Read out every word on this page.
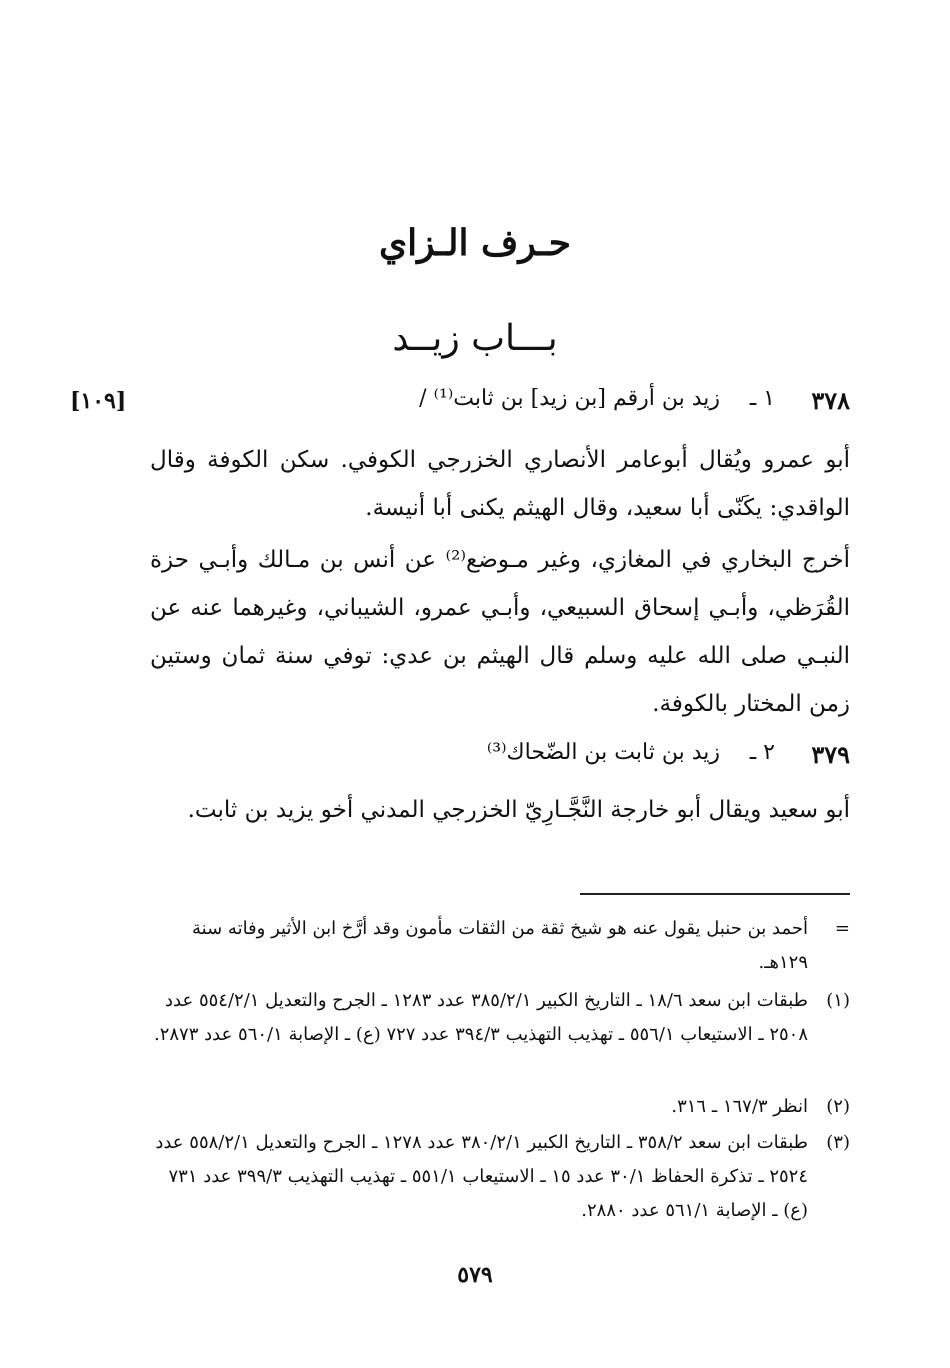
حـرف الـزاي
بـــاب زيــد
[١٠٩]	٣٧٨
١ ـ
زيد بن أرقم [بن زيد] بن ثابت⁽¹⁾ /
أبو عمرو ويُقال أبوعامر الأنصاري الخزرجي الكوفي. سكن الكوفة وقال الواقدي: يكَنّى أبا سعيد، وقال الهيثم يكنى أبا أنيسة.
أخرج البخاري في المغازي، وغير مـوضع⁽²⁾ عن أنس بن مـالك وأبـي حزة القُرَظي، وأبـي إسحاق السبيعي، وأبـي عمرو، الشيباني، وغيرهما عنه عن النبـي صلى الله عليه وسلم قال الهيثم بن عدي: توفي سنة ثمان وستين زمن المختار بالكوفة.
٣٧٩
٢ ـ
زيد بن ثابت بن الضّحاك⁽³⁾
أبو سعيد ويقال أبو خارجة النَّجَّـارِيّ الخزرجي المدني أخو يزيد بن ثابت.
=
أحمد بن حنبل يقول عنه هو شيخ ثقة من الثقات مأمون وقد أرَّخ ابن الأثير وفاته سنة ١٢٩هـ.
(١)
طبقات ابن سعد ١٨/٦ ـ التاريخ الكبير ٣٨٥/٢/١ عدد ١٢٨٣ ـ الجرح والتعديل ٥٥٤/٢/١ عدد ٢٥٠٨ ـ الاستيعاب ٥٥٦/١ ـ تهذيب التهذيب ٣٩٤/٣ عدد ٧٢٧ (ع) ـ الإصابة ٥٦٠/١ عدد ٢٨٧٣.
(٢)
انظر ١٦٧/٣ ـ ٣١٦.
(٣)
طبقات ابن سعد ٣٥٨/٢ ـ التاريخ الكبير ٣٨٠/٢/١ عدد ١٢٧٨ ـ الجرح والتعديل ٥٥٨/٢/١ عدد ٢٥٢٤ ـ تذكرة الحفاظ ٣٠/١ عدد ١٥ ـ الاستيعاب ٥٥١/١ ـ تهذيب التهذيب ٣٩٩/٣ عدد ٧٣١ (ع) ـ الإصابة ٥٦١/١ عدد ٢٨٨٠.
٥٧٩
